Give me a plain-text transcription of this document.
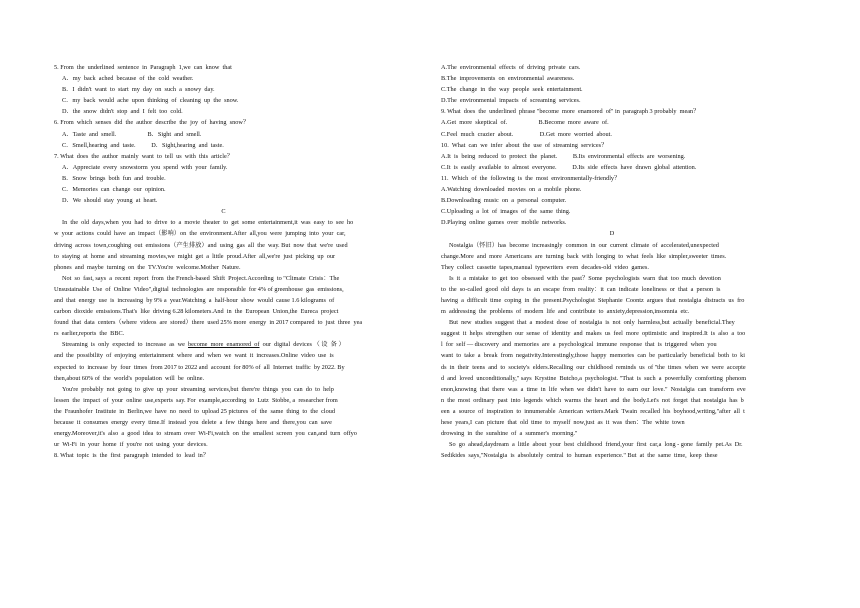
5. From  the  underlined  sentence  in  Paragraph  1,we  can  know  that
A．my  back  ached  because  of  the  cold  weather.
B．I  didn't  want  to  start  my  day  on  such  a  snowy  day.
C．my  back  would  ache  upon  thinking  of  cleaning  up  the  snow.
D．the  snow  didn't  stop  and  I  felt  too  cold.
6. From  which  senses  did  the  author  describe  the  joy  of  having  snow？
A．Taste  and  smell.                    B．Sight  and  smell.
C．Smell,hearing  and  taste.          D．Sight,hearing  and  taste.
7. What  does  the  author  mainly  want  to  tell  us  with  this  article？
A．Appreciate  every  snowstorm  you  spend  with  your  family.
B．Snow  brings  both  fun  and  trouble.
C．Memories  can  change  our  opinion.
D．We  should  stay  young  at  heart.
C
In  the  old  days,when  you  had  to  drive  to  a  movie  theater  to  get  some  entertainment,it  was  easy  to  see  ho
w  your  actions  could  have  an  impact（影响）on  the  environment.After  all,you  were  jumping  into  your  car,
driving  across  town,coughing  out  emissions（产生排放）and  using  gas  all  the  way. But  now  that  we're  used
to  staying  at  home  and  streaming  movies,we  might  get  a  little  proud.After  all,we're  just  picking  up  our
phones  and  maybe  turning  on  the  TV.You're  welcome.Mother  Nature.
Not  so  fast, says  a  recent  report  from  the French-based  Shift  Project.According  to "Climate  Crisis：The
Unsustainable  Use  of  Online  Video",digital  technologies  are  responsible  for 4% of greenhouse  gas  emissions,
and  that  energy  use  is  increasing  by 9% a  year.Watching  a  half-hour  show  would  cause 1.6 kilograms  of
carbon  dioxide  emissions.That's  like  driving 6.28 kilometers.And  in  the  European  Union,the  Eureca  project
found  that  data  centers（where  videos  are  stored）there  used 25% more  energy  in 2017 compared  to  just  three  yea
rs  earlier,reports  the  BBC.
Streaming  is  only  expected  to  increase  as  we  become  more  enamored  of  our  digital  devices （ 设  备 ）
and  the  possibility  of  enjoying  entertainment  where  and  when  we  want  it  increases.Online  video  use  is
expected  to  increase  by  four  times  from 2017 to 2022 and  account  for 80% of  all  Internet  traffic  by 2022. By
then,about 60% of  the  world's  population  will  be  online.
You're  probably  not  going  to  give  up  your  streaming  services,but  there're  things  you  can  do  to  help
lessen  the  impact  of  your  online  use,experts  say. For  example,according  to  Lutz  Stobbe, a  researcher from
the  Fraunhofer  Institute  in  Berlin,we  have  no  need  to  upload 25 pictures  of  the  same  thing  to  the  cloud
because  it  consumes  energy  every  time.If  instead  you  delete  a  few  things  here  and  there,you  can  save
energy.Moreover,it's  also  a  good  idea  to  stream  over  Wi-Fi,watch  on  the  smallest  screen  you  can,and  turn  offyo
ur  Wi-Fi  in  your  home  if  you're  not  using  your  devices.
8. What  topic  is  the  first  paragraph  intended  to  lead  in？
A.The  environmental  effects  of  driving  private  cars.
B.The  improvements  on  environmental  awareness.
C.The  change  in  the  way  people  seek  entertainment.
D.The  environmental  impacts  of  screaming  services.
9. What  does  the  underlined  phrase "become  more  enamored  of" in  paragraph 3 probably  mean？
A.Get  more  skeptical  of.                    B.Become  more  aware  of.
C.Feel  much  crazier  about.                 D.Get  more  worried  about.
10.  What  can  we  infer  about  the  use  of  streaming  services？
A.It  is  being  reduced  to  protect  the  planet.          B.Its  environmental  effects  are  worsening.
C.It  is  easily  available  to  almost  everyone.          D.Its  side  effects  have  drawn  global  attention.
11.  Which  of  the  following  is  the  most  environmentally-friendly？
A.Watching  downloaded  movies  on  a  mobile  phone.
B.Downloading  music  on  a  personal  computer.
C.Uploading  a  lot  of  images  of  the  same  thing.
D.Playing  online  games  over  mobile  networks.
D
Nostalgia（怀旧）has  become  increasingly  common  in  our  current  climate  of  accelerated,unexpected
change.More  and  more  Americans  are  turning  back  with  longing  to  what  feels  like  simpler,sweeter  times.
They  collect  cassette  tapes,manual  typewriters  even  decades-old  video  games.
Is  it  a  mistake  to  get  too  obsessed  with  the  past？Some  psychologists  warn  that  too  much  devotion
to  the  so-called  good  old  days  is  an  escape  from  reality：it  can  indicate  loneliness  or  that  a  person  is
having  a  difficult  time  coping  in  the  present.Psychologist  Stephanie  Coontz  argues  that  nostalgia  distracts  us  fro
m  addressing  the  problems  of  modern  life  and  contribute  to  anxiety,depression,insomnia  etc.
But  new  studies  suggest  that  a  modest  dose  of  nostalgia  is  not  only  harmless,but  actually  beneficial.They
suggest  it  helps  strengthen  our  sense  of  identity  and  makes  us  feel  more  optimistic  and  inspired.It  is  also  a  too
l  for  self — discovery  and  memories  are  a  psychological  immune  response  that  is  triggered  when  you
want  to  take  a  break  from  negativity.Interestingly,those  happy  memories  can  be  particularly  beneficial  both  to  ki
ds  in  their  teens  and  to  society's  elders.Recalling  our  childhood  reminds  us  of "the  times  when  we  were  accepte
d  and  loved  unconditionally," says  Krystine  Butcho,a  psychologist. "That  is  such  a  powerfully  comforting  phenom
enon,knowing  that  there  was  a  time  in  life  when  we  didn't  have  to  earn  our  love."  Nostalgia  can  transform  eve
n  the  most  ordinary  past  into  legends  which  warms  the  heart  and  the  body.Let's  not  forget  that  nostalgia  has  b
een  a  source  of  inspiration  to  innumerable  American  writers.Mark  Twain  recalled  his  boyhood,writing,"after  all  t
hese  years,I  can  picture  that  old  time  to  myself  now,just  as  it  was  then：The  white  town
drowsing  in  the  sunshine  of  a  summer's  morning."
So  go  ahead,daydream  a  little  about  your  best  childhood  friend,your  first  car,a  long - gone  family  pet.As  Dr.
Sedikides  says,"Nostalgia  is  absolutely  central  to  human  experience." But  at  the  same  time,  keep  these
